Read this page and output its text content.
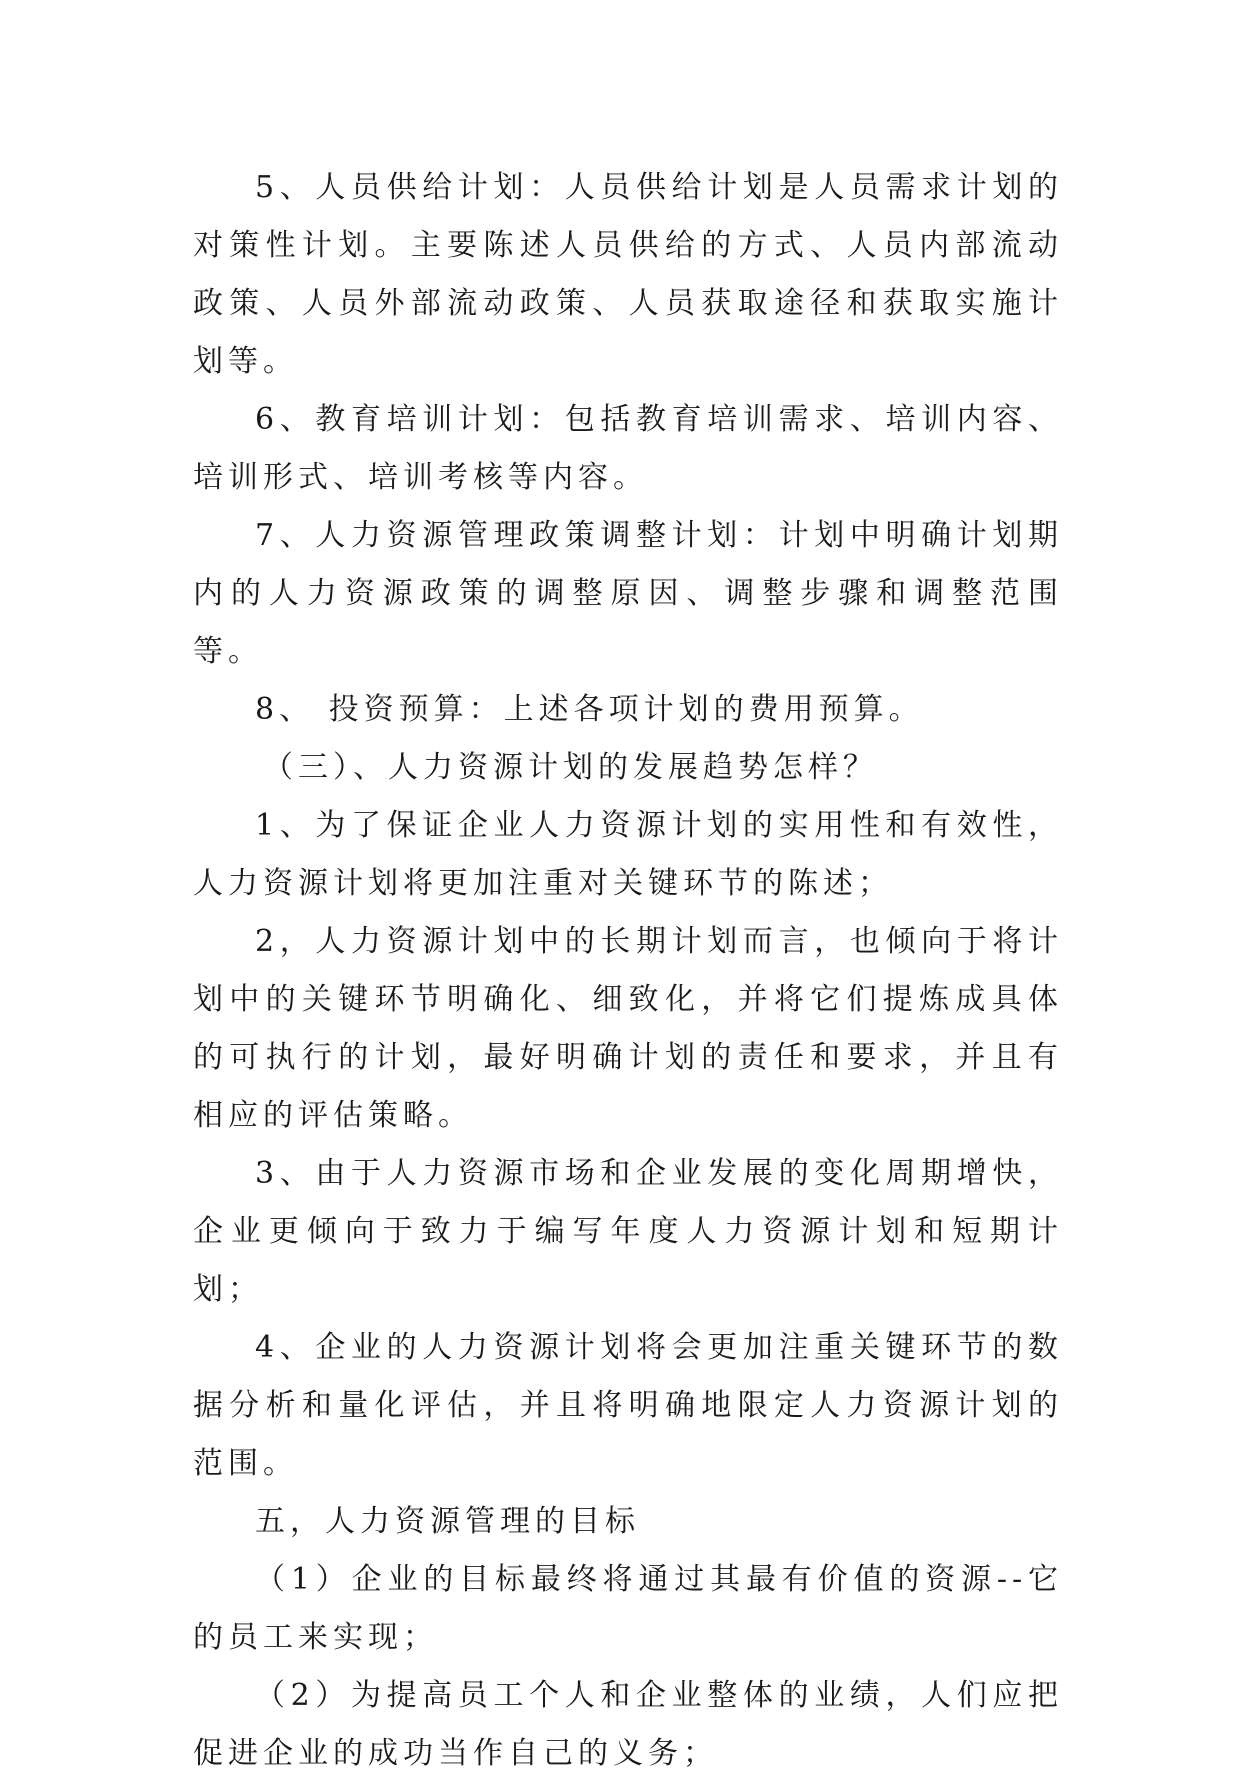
5、人员供给计划：人员供给计划是人员需求计划的对策性计划。主要陈述人员供给的方式、人员内部流动政策、人员外部流动政策、人员获取途径和获取实施计划等。

6、教育培训计划：包括教育培训需求、培训内容、培训形式、培训考核等内容。

7、人力资源管理政策调整计划：计划中明确计划期内的人力资源政策的调整原因、调整步骤和调整范围等。

8、 投资预算：上述各项计划的费用预算。

（三）、人力资源计划的发展趋势怎样？

1、为了保证企业人力资源计划的实用性和有效性，人力资源计划将更加注重对关键环节的陈述；

2，人力资源计划中的长期计划而言，也倾向于将计划中的关键环节明确化、细致化，并将它们提炼成具体的可执行的计划，最好明确计划的责任和要求，并且有相应的评估策略。

3、由于人力资源市场和企业发展的变化周期增快，企业更倾向于致力于编写年度人力资源计划和短期计划；

4、企业的人力资源计划将会更加注重关键环节的数据分析和量化评估，并且将明确地限定人力资源计划的范围。

五，人力资源管理的目标

（1）企业的目标最终将通过其最有价值的资源--它的员工来实现；

（2）为提高员工个人和企业整体的业绩，人们应把促进企业的成功当作自己的义务；
